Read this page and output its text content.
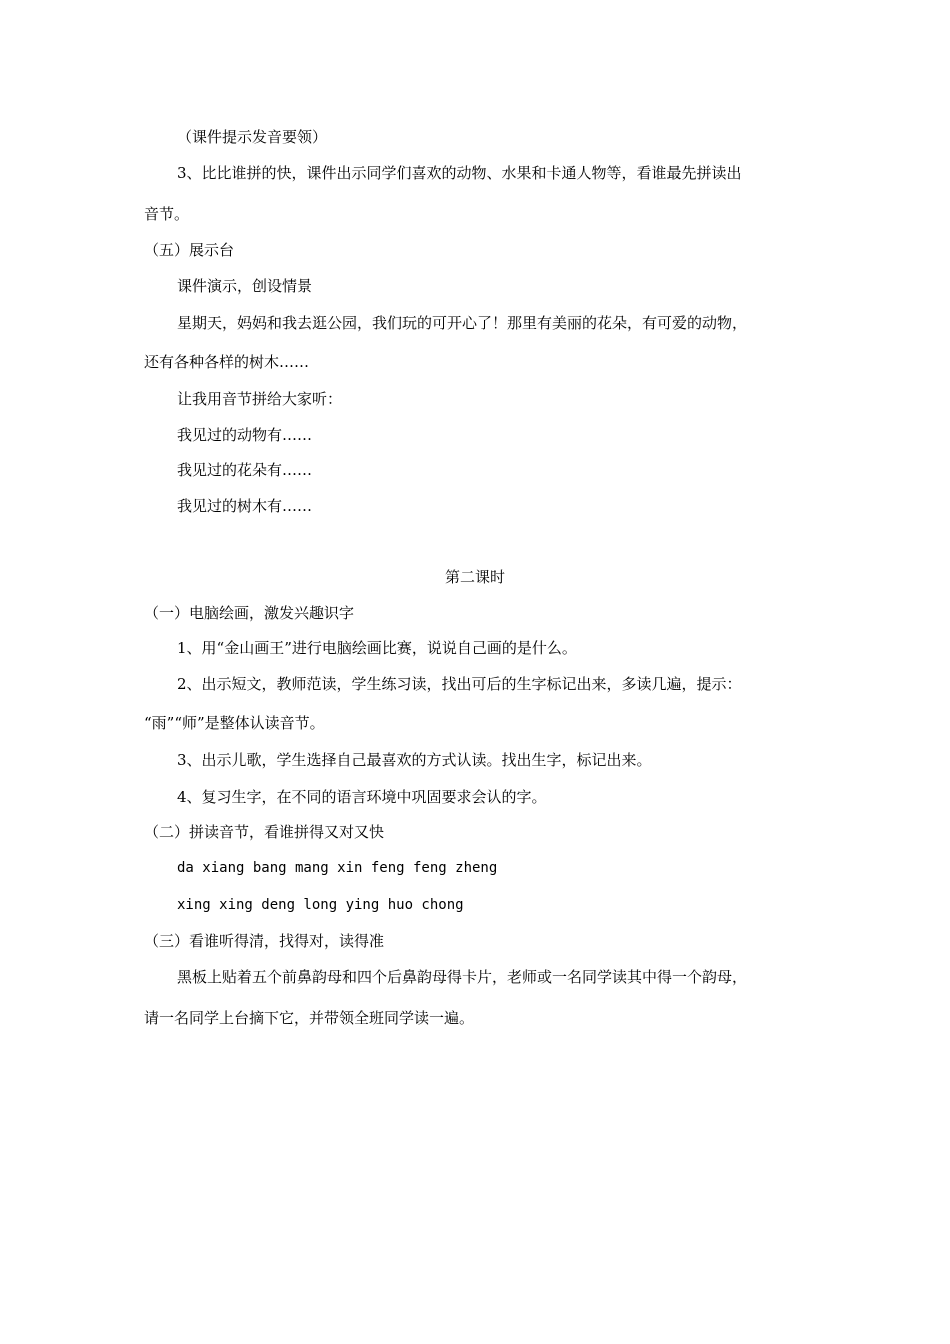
（课件提示发音要领）
3、比比谁拼的快，课件出示同学们喜欢的动物、水果和卡通人物等，看谁最先拼读出
音节。
（五）展示台
课件演示，创设情景
星期天，妈妈和我去逛公园，我们玩的可开心了！那里有美丽的花朵，有可爱的动物，
还有各种各样的树木……
让我用音节拼给大家听：
我见过的动物有……
我见过的花朵有……
我见过的树木有……
第二课时
（一）电脑绘画，激发兴趣识字
1、用“金山画王”进行电脑绘画比赛，说说自己画的是什么。
2、出示短文，教师范读，学生练习读，找出可后的生字标记出来，多读几遍，提示：
“雨”“师”是整体认读音节。
3、出示儿歌，学生选择自己最喜欢的方式认读。找出生字，标记出来。
4、复习生字，在不同的语言环境中巩固要求会认的字。
（二）拼读音节，看谁拼得又对又快
da xiang bang mang xin feng feng zheng
xing xing deng long ying huo chong
（三）看谁听得清，找得对，读得准
黑板上贴着五个前鼻韵母和四个后鼻韵母得卡片，老师或一名同学读其中得一个韵母，
请一名同学上台摘下它，并带领全班同学读一遍。
